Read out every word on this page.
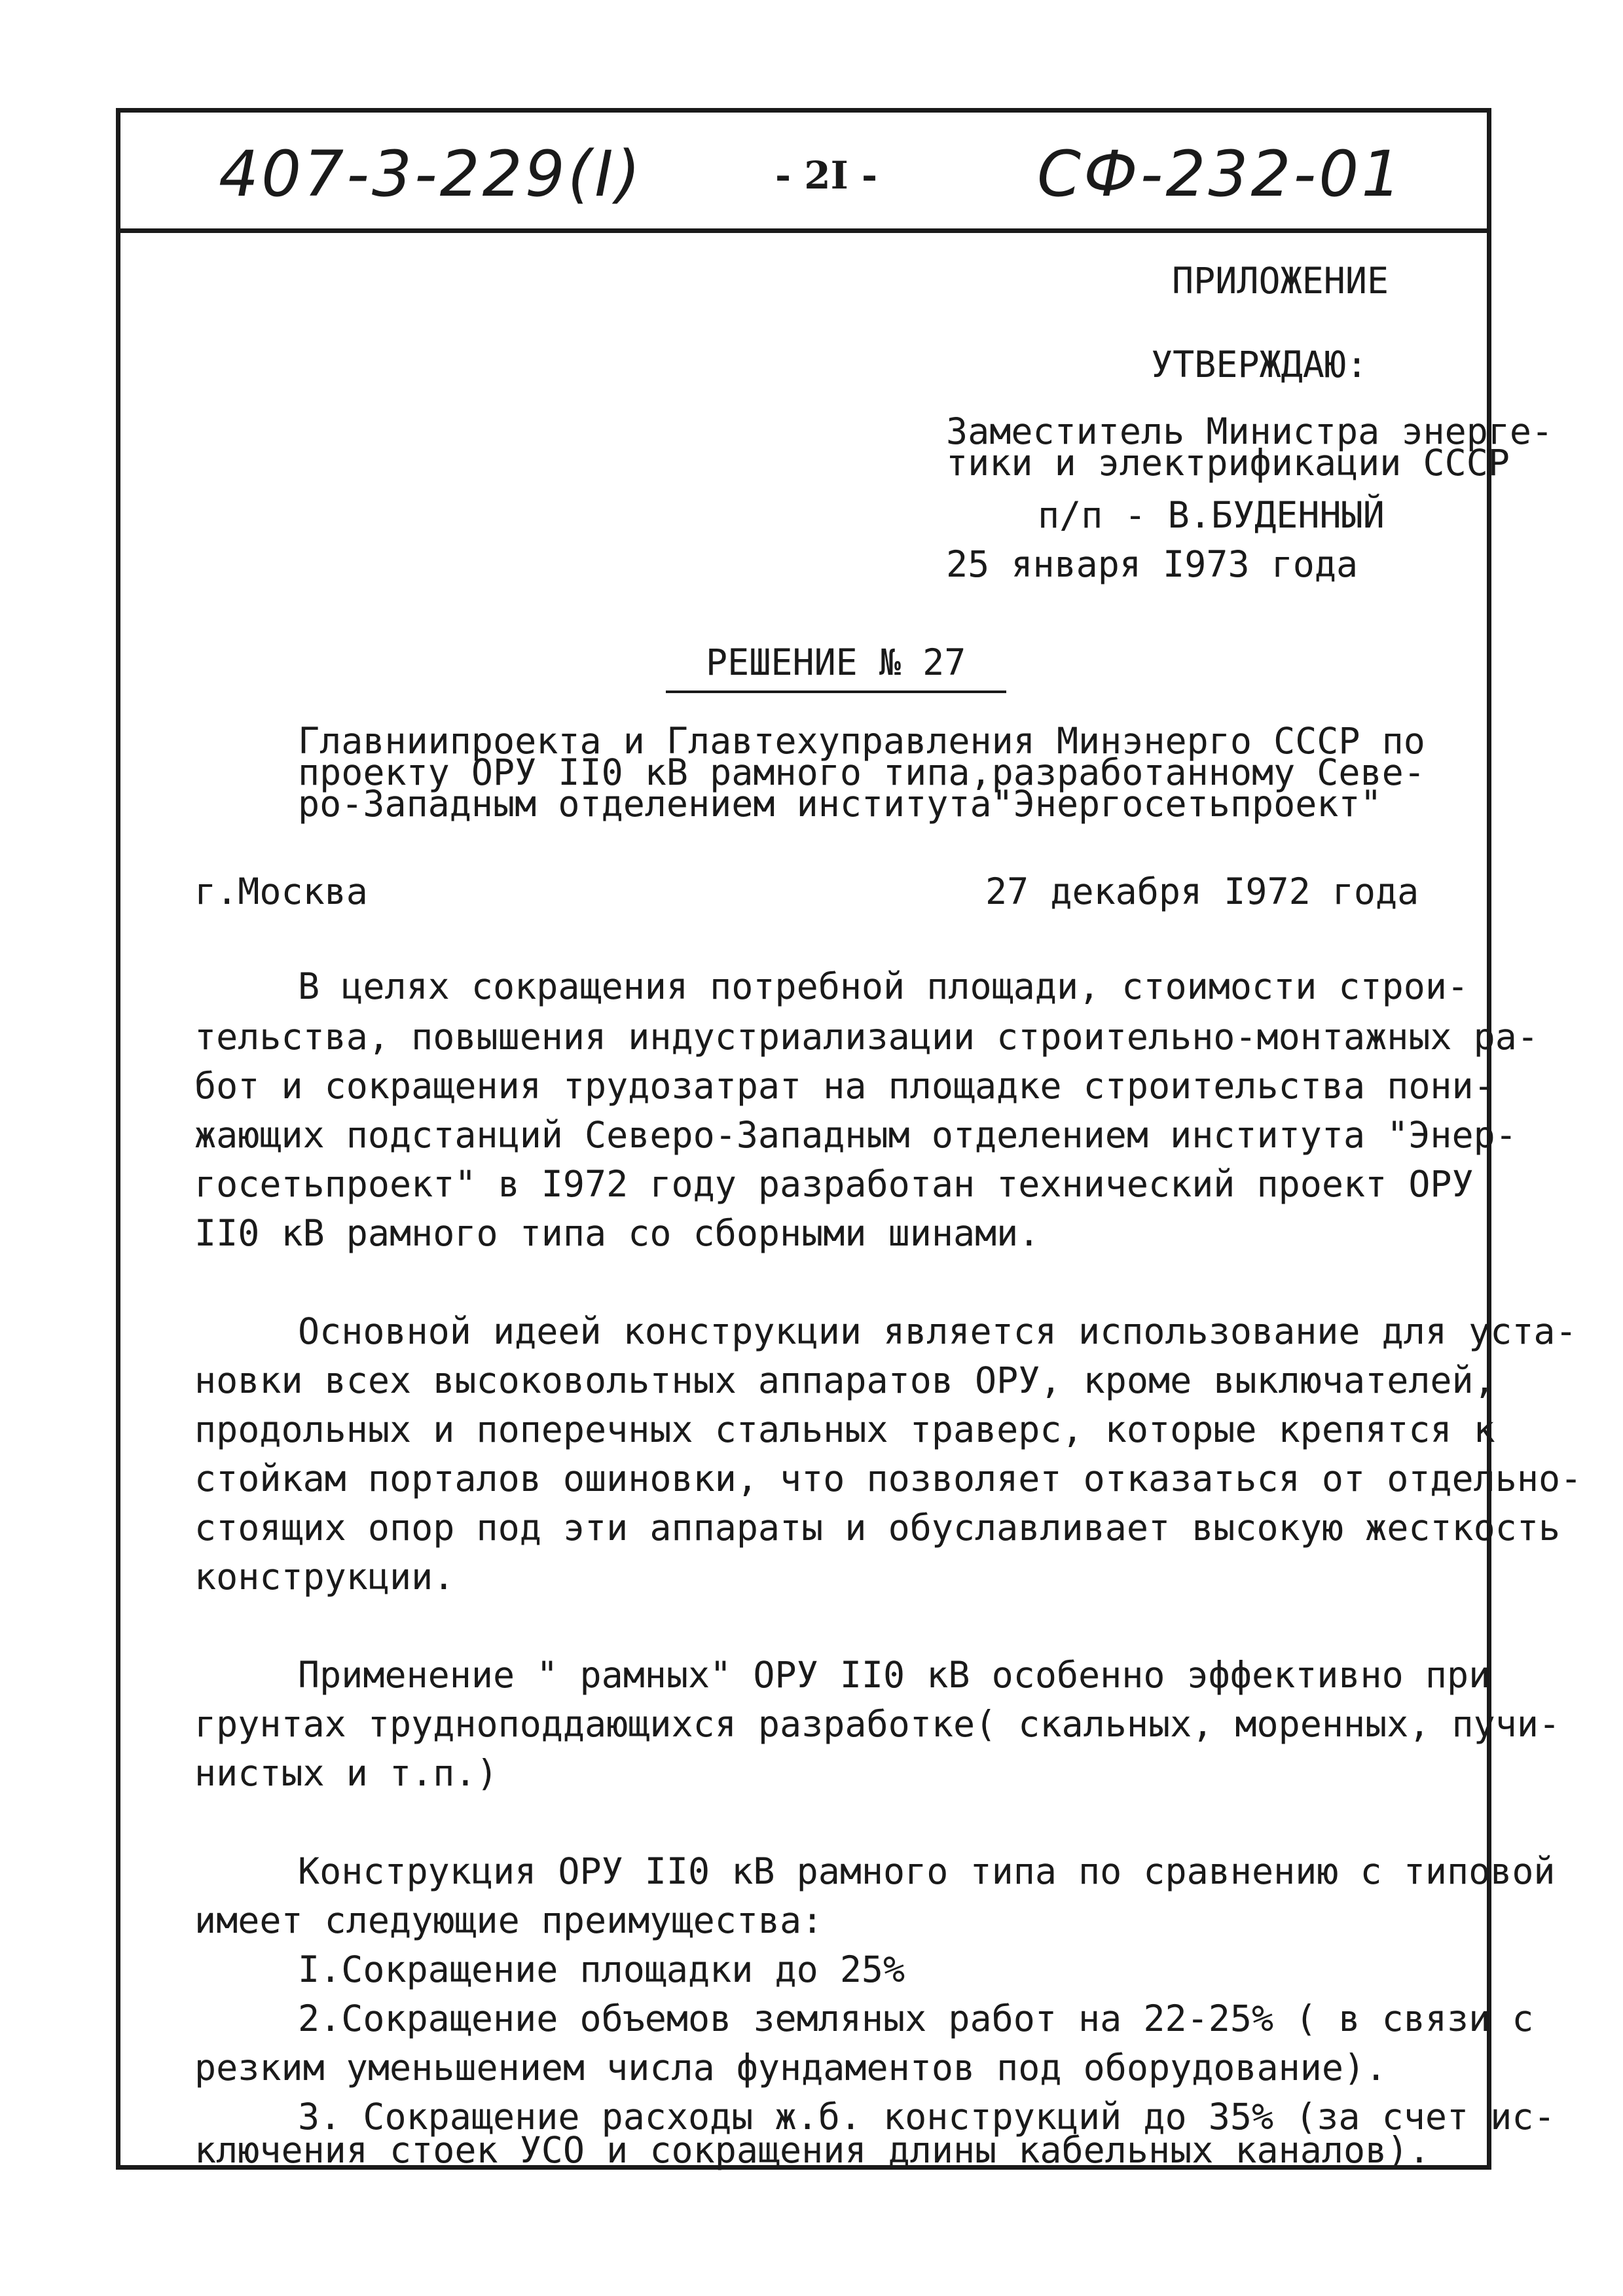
407-3-229(I)	- 2I -	СФ-232-01
ПРИЛОЖЕНИЕ
УТВЕРЖДАЮ:
Заместитель Министра энерге-
тики и электрификации СССР
п/п - В.БУДЕННЫЙ
25 января I973 года
РЕШЕНИЕ № 27
Главниипроекта и Главтехуправления Минэнерго СССР по
проекту ОРУ II0 кВ рамного типа,разработанному Севе-
ро-Западным отделением института"Энергосетьпроект"
г.Москва	27 декабря I972 года
В целях сокращения потребной площади, стоимости строи-
тельства, повышения индустриализации строительно-монтажных ра-
бот и сокращения трудозатрат на площадке строительства пони-
жающих подстанций Северо-Западным отделением института "Энер-
госетьпроект" в I972 году разработан технический проект ОРУ
II0 кВ рамного типа со сборными шинами.
Основной идеей конструкции является использование для уста-
новки всех высоковольтных аппаратов ОРУ, кроме выключателей,
продольных и поперечных стальных траверс, которые крепятся к
стойкам порталов ошиновки, что позволяет отказаться от отдельно-
стоящих опор под эти аппараты и обуславливает высокую жесткость
конструкции.
Применение " рамных" ОРУ II0 кВ особенно эффективно при
грунтах трудноподдающихся разработке( скальных, моренных, пучи-
нистых и т.п.)
Конструкция ОРУ II0 кВ рамного типа по сравнению с типовой
имеет следующие преимущества:
I.Сокращение площадки до 25%
2.Сокращение объемов земляных работ на 22-25% ( в связи с
резким уменьшением числа фундаментов под оборудование).
3. Сокращение расходы ж.б. конструкций до 35% (за счет ис-
ключения стоек УСО и сокращения длины кабельных каналов).
